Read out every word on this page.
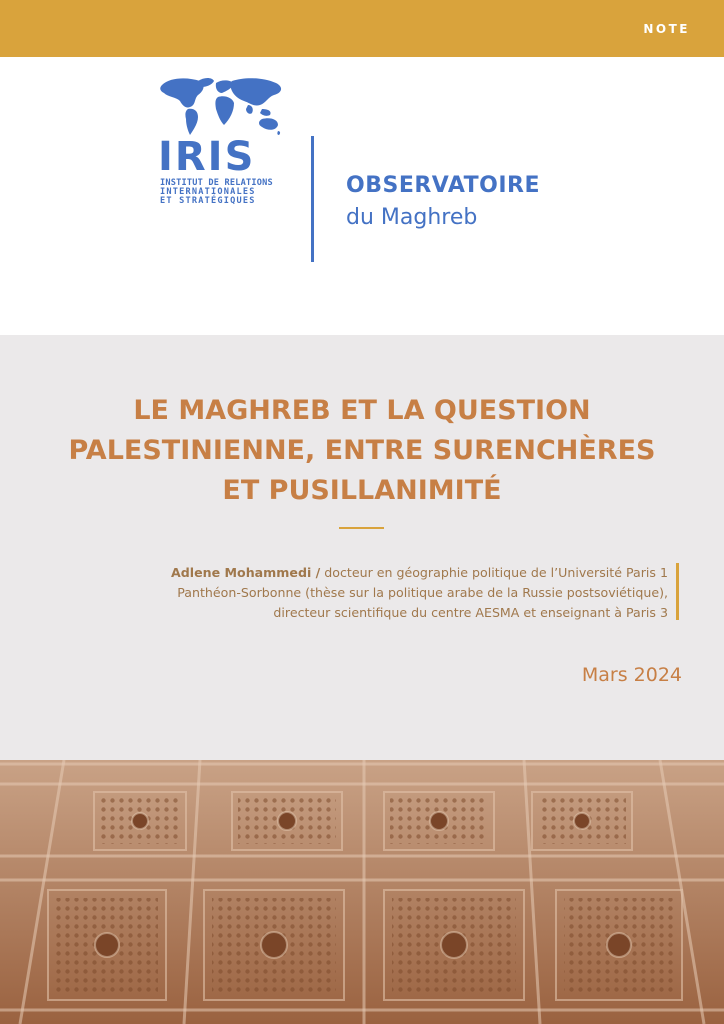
NOTE
IRIS
INSTITUT DE RELATIONS
INTERNATIONALES
ET STRATÉGIQUES
OBSERVATOIRE
du Maghreb
LE MAGHREB ET LA QUESTION
PALESTINIENNE, ENTRE SURENCHÈRES
ET PUSILLANIMITÉ
Adlene Mohammedi / docteur en géographie politique de l’Université Paris 1
Panthéon-Sorbonne (thèse sur la politique arabe de la Russie postsoviétique),
directeur scientifique du centre AESMA et enseignant à Paris 3
Mars 2024
